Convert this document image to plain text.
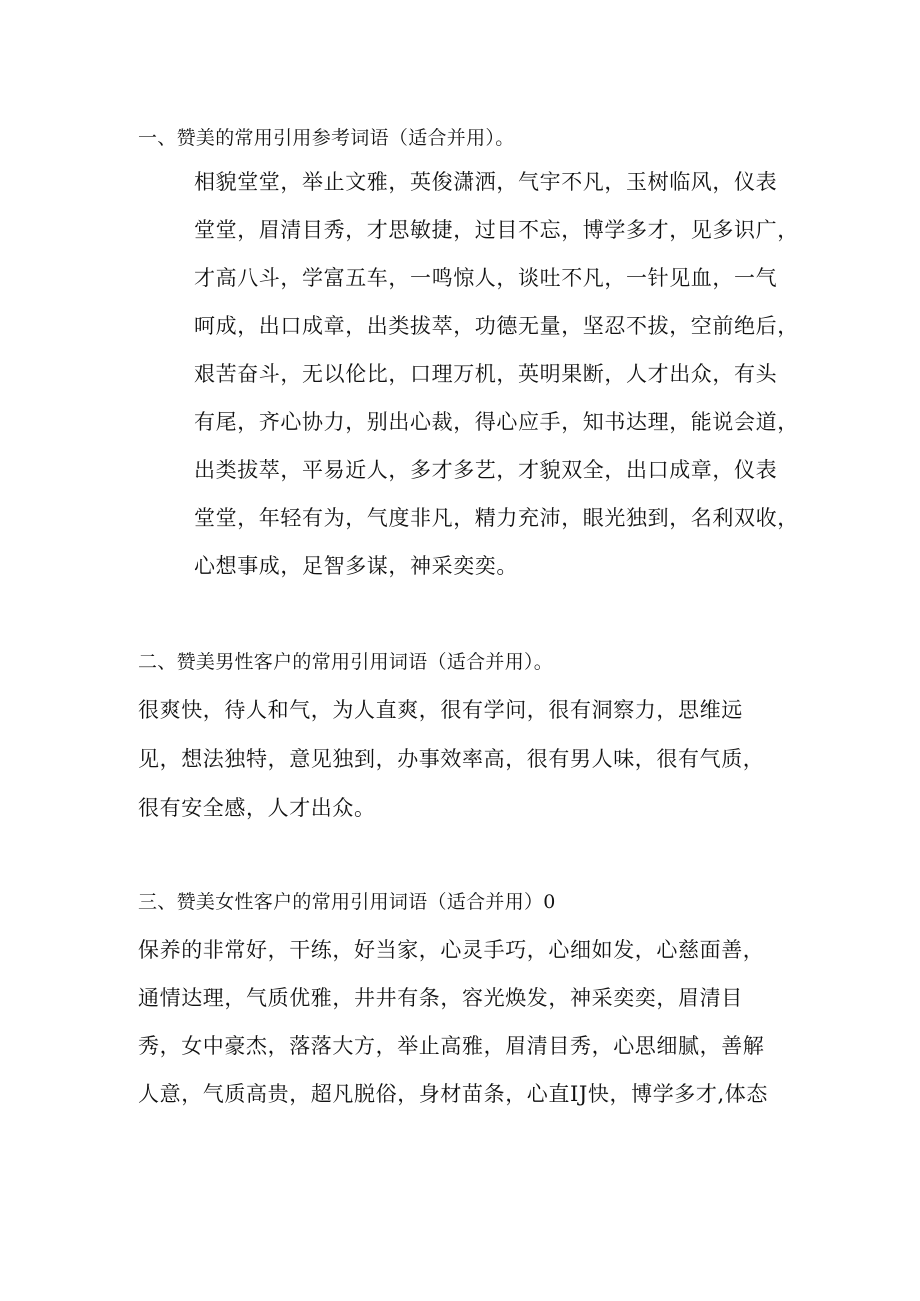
一、赞美的常用引用参考词语（适合并用）。
相貌堂堂，举止文雅，英俊潇洒，气宇不凡，玉树临风，仪表
堂堂，眉清目秀，才思敏捷，过目不忘，博学多才，见多识广，
才高八斗，学富五车，一鸣惊人，谈吐不凡，一针见血，一气
呵成，出口成章，出类拔萃，功德无量，坚忍不拔，空前绝后，
艰苦奋斗，无以伦比，口理万机，英明果断，人才出众，有头
有尾，齐心协力，别出心裁，得心应手，知书达理，能说会道，
出类拔萃，平易近人，多才多艺，才貌双全，出口成章，仪表
堂堂，年轻有为，气度非凡，精力充沛，眼光独到，名利双收，
心想事成，足智多谋，神采奕奕。
二、赞美男性客户的常用引用词语（适合并用）。
很爽快，待人和气，为人直爽，很有学问，很有洞察力，思维远
见，想法独特，意见独到，办事效率高，很有男人味，很有气质，
很有安全感，人才出众。
三、赞美女性客户的常用引用词语（适合并用）0
保养的非常好，干练，好当家，心灵手巧，心细如发，心慈面善，
通情达理，气质优雅，井井有条，容光焕发，神采奕奕，眉清目
秀，女中豪杰，落落大方，举止高雅，眉清目秀，心思细腻，善解
人意，气质高贵，超凡脱俗，身材苗条，心直IJ快，博学多才,体态
